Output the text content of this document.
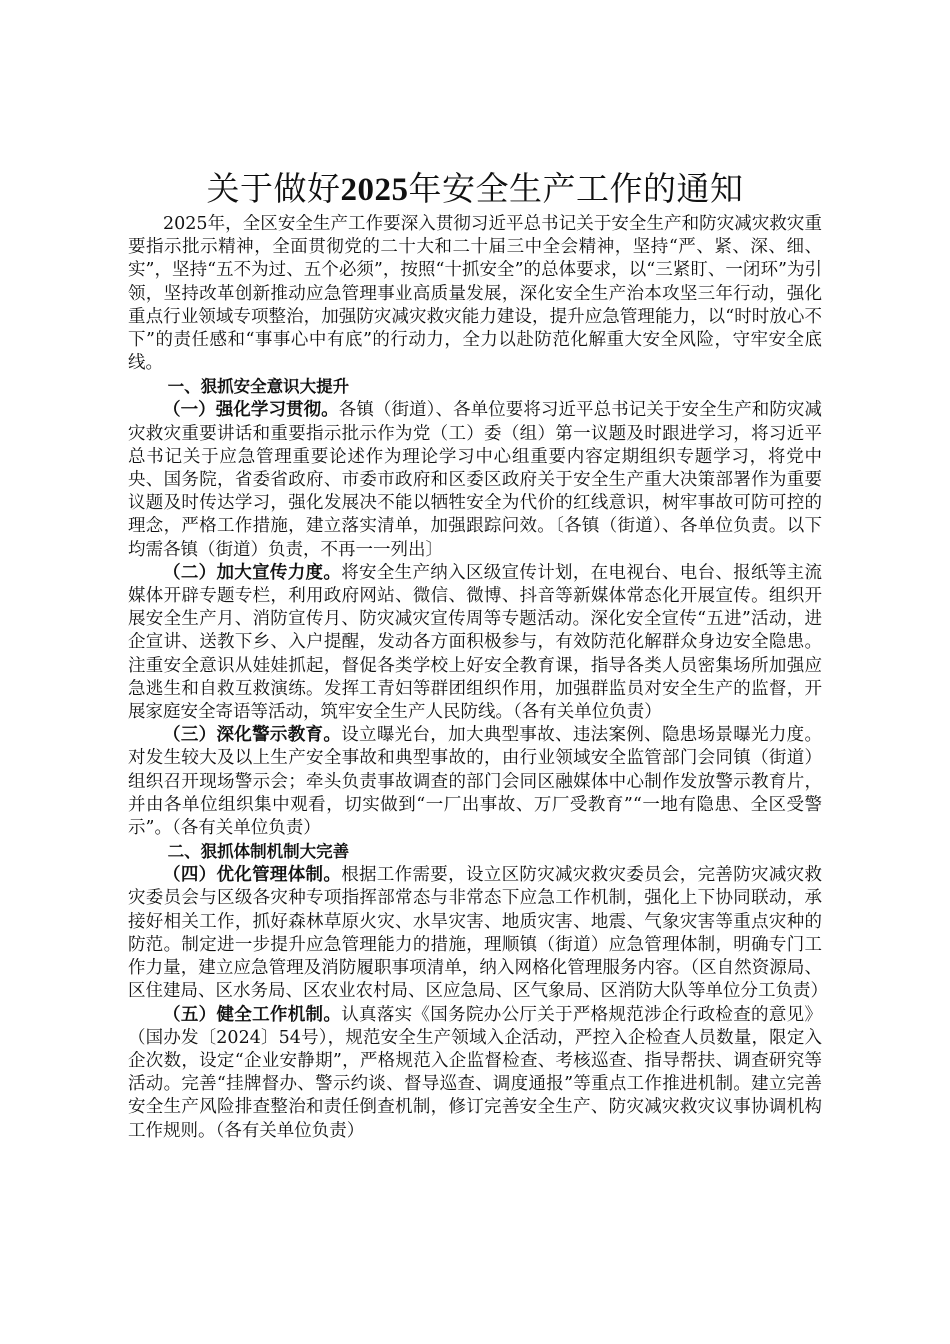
关于做好2025年安全生产工作的通知

2025年，全区安全生产工作要深入贯彻习近平总书记关于安全生产和防灾减灾救灾重要指示批示精神，全面贯彻党的二十大和二十届三中全会精神，坚持“严、紧、深、细、实”，坚持“五不为过、五个必须”，按照“十抓安全”的总体要求，以“三紧盯、一闭环”为引领，坚持改革创新推动应急管理事业高质量发展，深化安全生产治本攻坚三年行动，强化重点行业领域专项整治，加强防灾减灾救灾能力建设，提升应急管理能力，以“时时放心不下”的责任感和“事事心中有底”的行动力，全力以赴防范化解重大安全风险，守牢安全底线。

一、狠抓安全意识大提升

（一）强化学习贯彻。各镇（街道）、各单位要将习近平总书记关于安全生产和防灾减灾救灾重要讲话和重要指示批示作为党（工）委（组）第一议题及时跟进学习，将习近平总书记关于应急管理重要论述作为理论学习中心组重要内容定期组织专题学习，将党中央、国务院，省委省政府、市委市政府和区委区政府关于安全生产重大决策部署作为重要议题及时传达学习，强化发展决不能以牺牲安全为代价的红线意识，树牢事故可防可控的理念，严格工作措施，建立落实清单，加强跟踪问效。〔各镇（街道）、各单位负责。以下均需各镇（街道）负责，不再一一列出〕

（二）加大宣传力度。将安全生产纳入区级宣传计划，在电视台、电台、报纸等主流媒体开辟专题专栏，利用政府网站、微信、微博、抖音等新媒体常态化开展宣传。组织开展安全生产月、消防宣传月、防灾减灾宣传周等专题活动。深化安全宣传“五进”活动，进企宣讲、送教下乡、入户提醒，发动各方面积极参与，有效防范化解群众身边安全隐患。注重安全意识从娃娃抓起，督促各类学校上好安全教育课，指导各类人员密集场所加强应急逃生和自救互救演练。发挥工青妇等群团组织作用，加强群监员对安全生产的监督，开展家庭安全寄语等活动，筑牢安全生产人民防线。（各有关单位负责）

（三）深化警示教育。设立曝光台，加大典型事故、违法案例、隐患场景曝光力度。对发生较大及以上生产安全事故和典型事故的，由行业领域安全监管部门会同镇（街道）组织召开现场警示会；牵头负责事故调查的部门会同区融媒体中心制作发放警示教育片，并由各单位组织集中观看，切实做到“一厂出事故、万厂受教育”“一地有隐患、全区受警示”。（各有关单位负责）

二、狠抓体制机制大完善

（四）优化管理体制。根据工作需要，设立区防灾减灾救灾委员会，完善防灾减灾救灾委员会与区级各灾种专项指挥部常态与非常态下应急工作机制，强化上下协同联动，承接好相关工作，抓好森林草原火灾、水旱灾害、地质灾害、地震、气象灾害等重点灾种的防范。制定进一步提升应急管理能力的措施，理顺镇（街道）应急管理体制，明确专门工作力量，建立应急管理及消防履职事项清单，纳入网格化管理服务内容。（区自然资源局、区住建局、区水务局、区农业农村局、区应急局、区气象局、区消防大队等单位分工负责）

（五）健全工作机制。认真落实《国务院办公厅关于严格规范涉企行政检查的意见》（国办发〔2024〕54号），规范安全生产领域入企活动，严控入企检查人员数量，限定入企次数，设定“企业安静期”，严格规范入企监督检查、考核巡查、指导帮扶、调查研究等活动。完善“挂牌督办、警示约谈、督导巡查、调度通报”等重点工作推进机制。建立完善安全生产风险排查整治和责任倒查机制，修订完善安全生产、防灾减灾救灾议事协调机构工作规则。（各有关单位负责）
